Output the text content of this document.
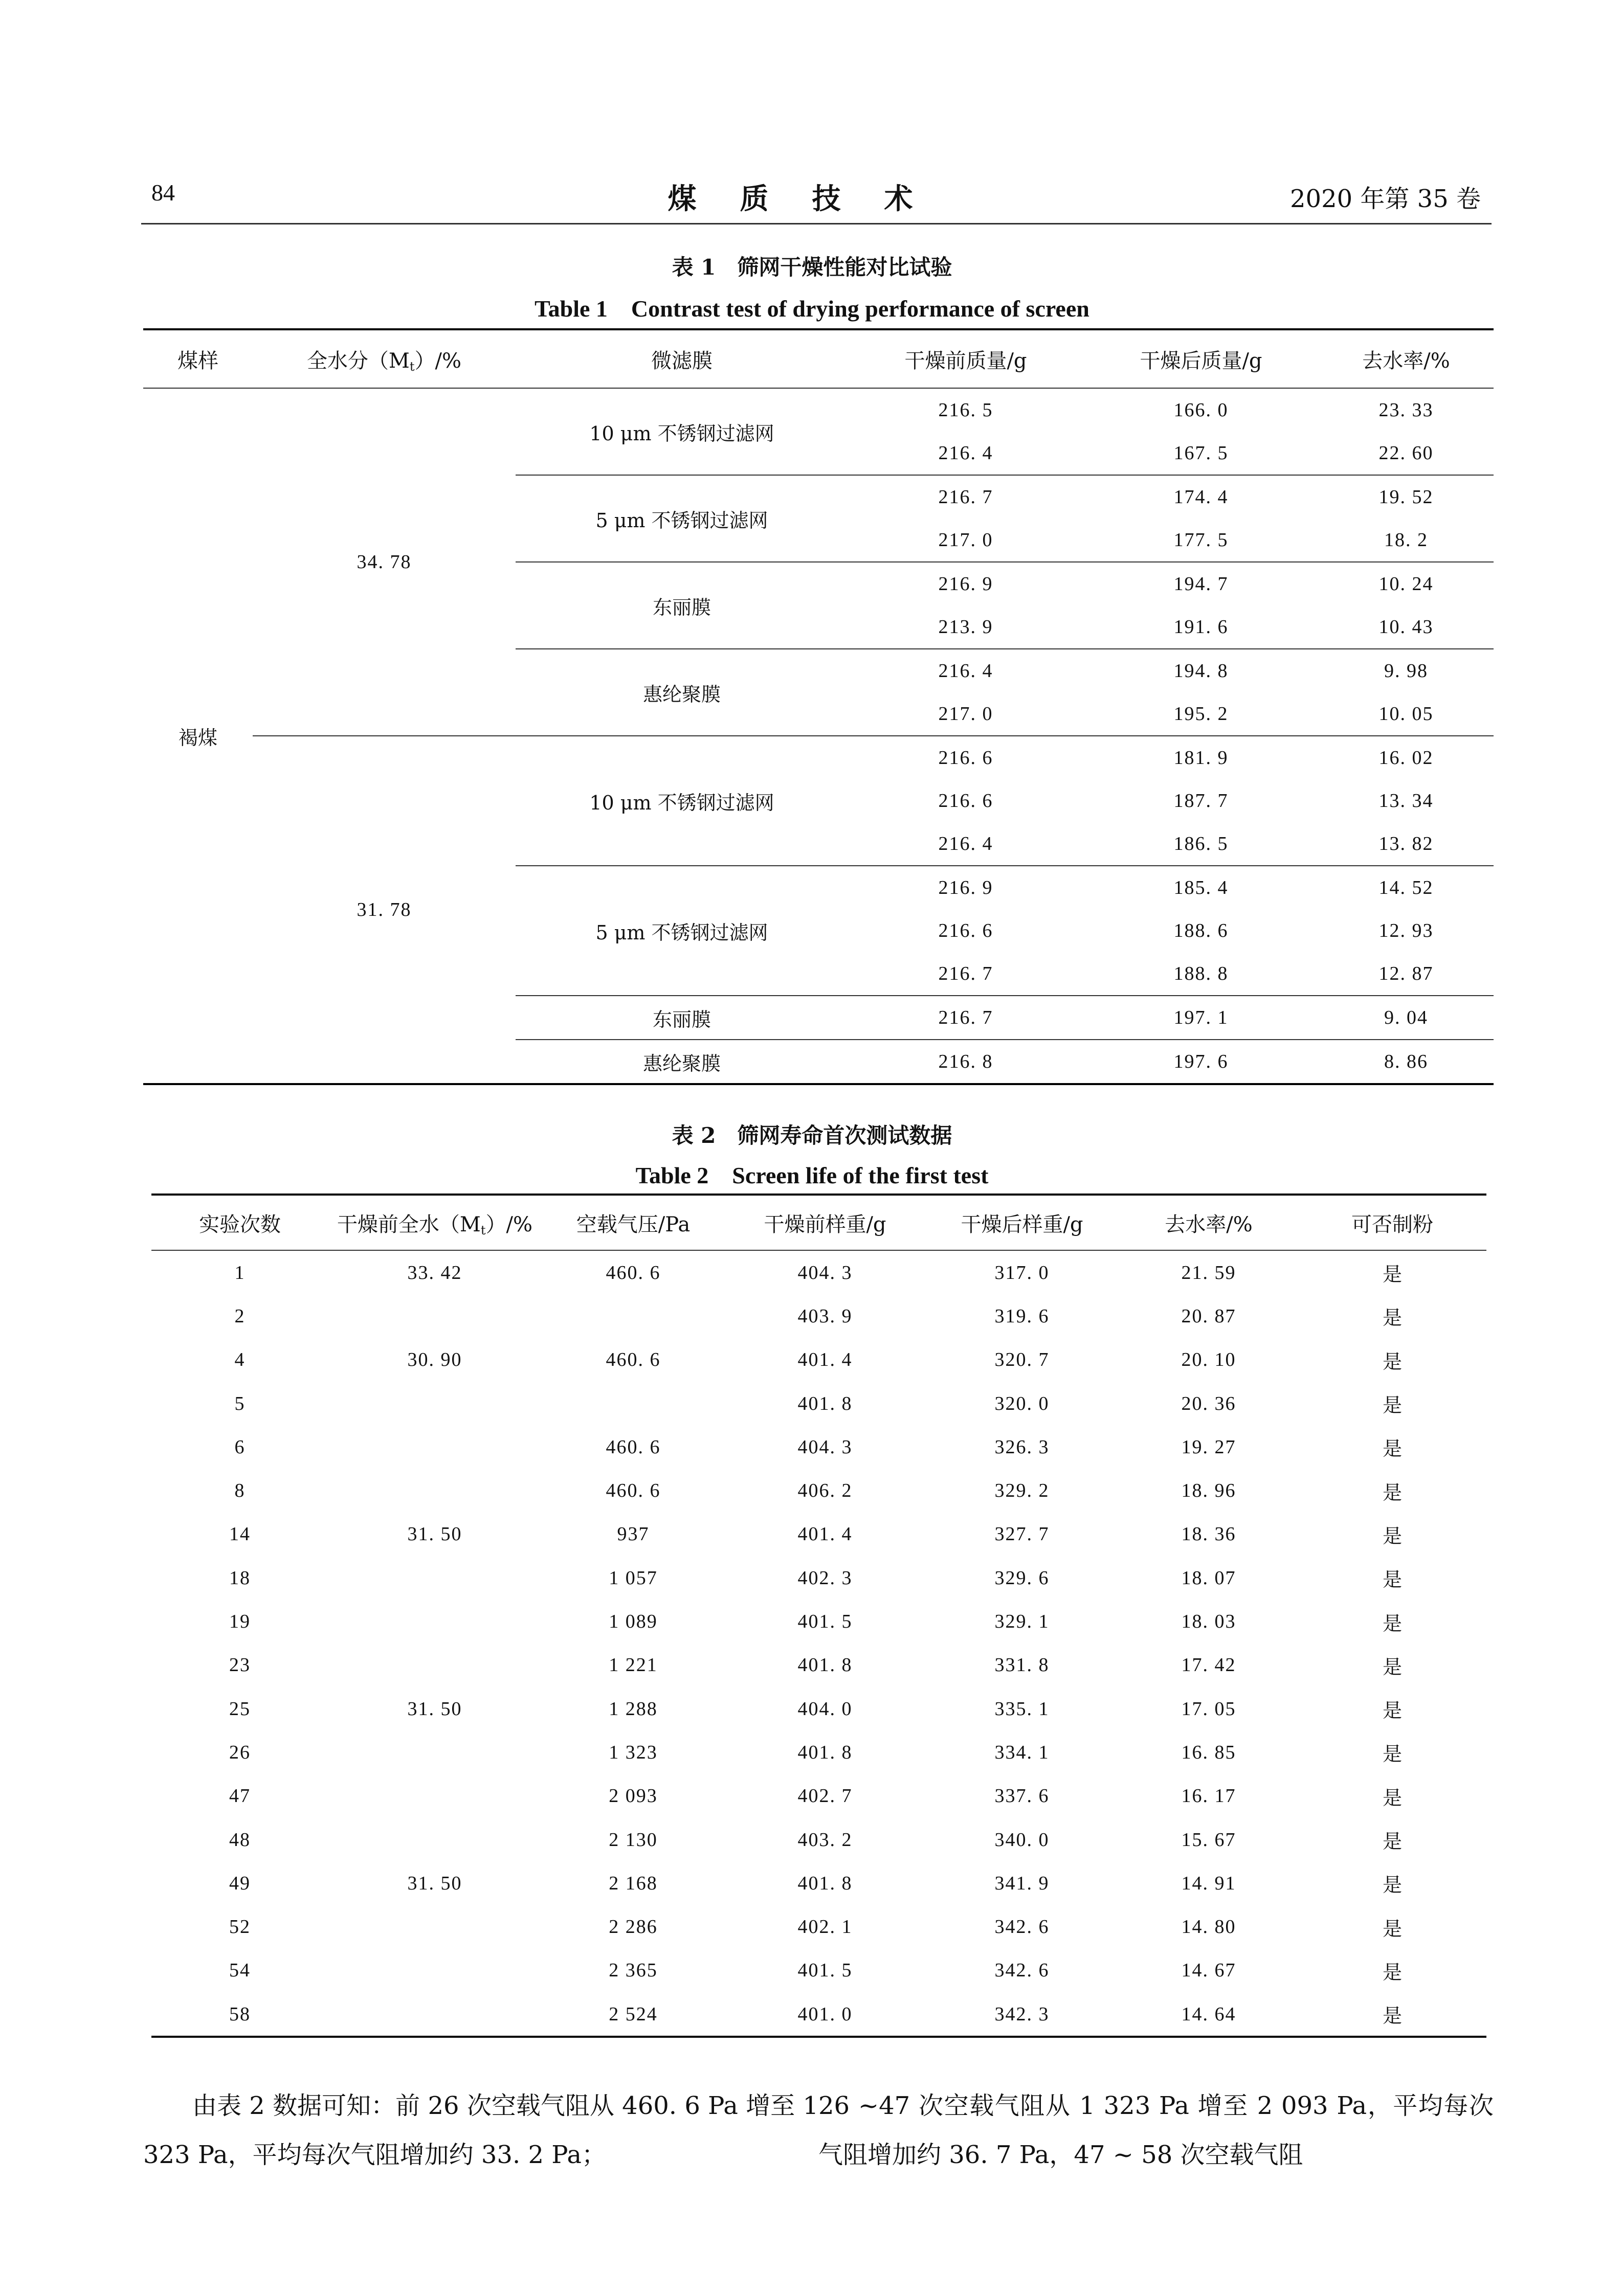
84	煤质技术	2020 年第 35 卷
表 1　筛网干燥性能对比试验
Table 1　Contrast test of drying performance of screen
煤样	全水分$(M_t)/\%$	微滤膜	干燥前质量/g	干燥后质量/g	去水率/%
褐煤	34. 78	10 μm 不锈钢过滤网	216. 5	166. 0	23. 33
			216. 4	167. 5	22. 60
		5 μm 不锈钢过滤网	216. 7	174. 4	19. 52
			217. 0	177. 5	18. 2
		东丽膜	216. 9	194. 7	10. 24
			213. 9	191. 6	10. 43
		惠纶聚膜	216. 4	194. 8	9. 98
			217. 0	195. 2	10. 05
	31. 78	10 μm 不锈钢过滤网	216. 6	181. 9	16. 02
			216. 6	187. 7	13. 34
			216. 4	186. 5	13. 82
		5 μm 不锈钢过滤网	216. 9	185. 4	14. 52
			216. 6	188. 6	12. 93
			216. 7	188. 8	12. 87
		东丽膜	216. 7	197. 1	9. 04
		惠纶聚膜	216. 8	197. 6	8. 86
表 2　筛网寿命首次测试数据
Table 2　Screen life of the first test
实验次数	干燥前全水$(M_t)/\%$	空载气压/Pa	干燥前样重/g	干燥后样重/g	去水率/%	可否制粉
1	33. 42	460. 6	404. 3	317. 0	21. 59	是
2			403. 9	319. 6	20. 87	是
4	30. 90	460. 6	401. 4	320. 7	20. 10	是
5			401. 8	320. 0	20. 36	是
6		460. 6	404. 3	326. 3	19. 27	是
8		460. 6	406. 2	329. 2	18. 96	是
14	31. 50	937	401. 4	327. 7	18. 36	是
18		1 057	402. 3	329. 6	18. 07	是
19		1 089	401. 5	329. 1	18. 03	是
23		1 221	401. 8	331. 8	17. 42	是
25	31. 50	1 288	404. 0	335. 1	17. 05	是
26		1 323	401. 8	334. 1	16. 85	是
47		2 093	402. 7	337. 6	16. 17	是
48		2 130	403. 2	340. 0	15. 67	是
49	31. 50	2 168	401. 8	341. 9	14. 91	是
52		2 286	402. 1	342. 6	14. 80	是
54		2 365	401. 5	342. 6	14. 67	是
58		2 524	401. 0	342. 3	14. 64	是
由表 2 数据可知：前 26 次空载气阻从 460. 6 Pa 增至 1 323 Pa，平均每次气阻增加约 33. 2 Pa；
26 ~47 次空载气阻从 1 323 Pa 增至 2 093 Pa，平均每次气阻增加约 36. 7 Pa，47 ~ 58 次空载气阻
